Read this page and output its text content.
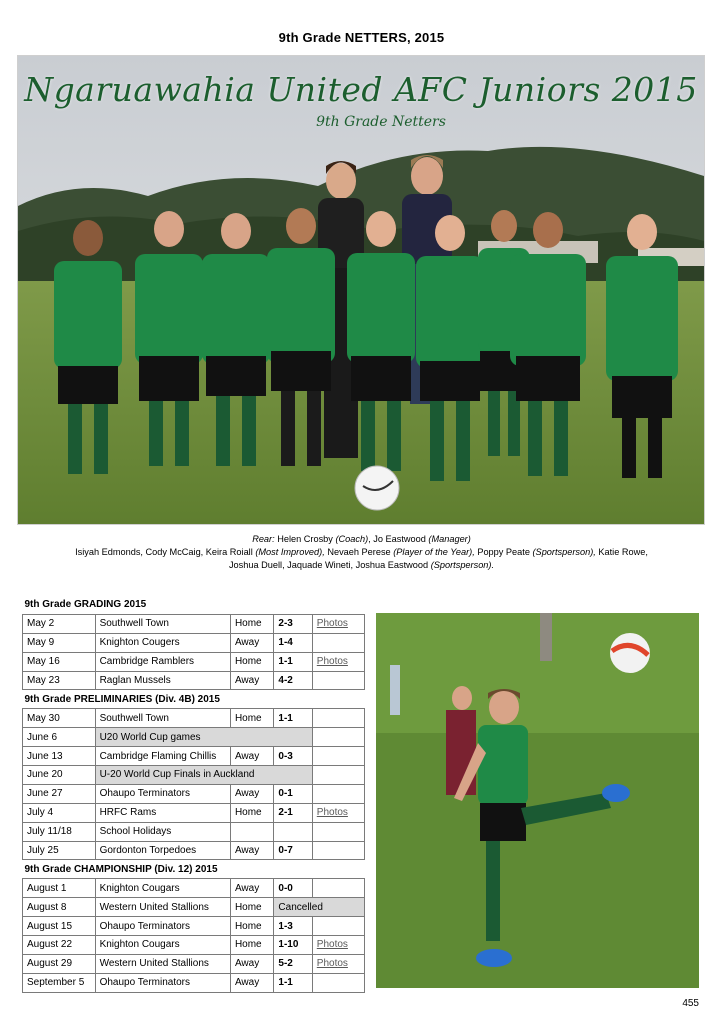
9th Grade NETTERS, 2015
Ngaruawahia United AFC Juniors 2015
9th Grade Netters
Rear: Helen Crosby (Coach), Jo Eastwood (Manager)
Isiyah Edmonds, Cody McCaig, Keira Roiall (Most Improved), Nevaeh Perese (Player of the Year), Poppy Peate (Sportsperson), Katie Rowe,
Joshua Duell, Jaquade Wineti, Joshua Eastwood (Sportsperson).
9th Grade GRADING 2015				
May 2	Southwell Town	Home	2-3	Photos
May 9	Knighton Cougers	Away	1-4	
May 16	Cambridge Ramblers	Home	1-1	Photos
May 23	Raglan Mussels	Away	4-2	
9th Grade PRELIMINARIES (Div. 4B) 2015				
May 30	Southwell Town	Home	1-1	
June 6	U20 World Cup games			
June 13	Cambridge Flaming Chillis	Away	0-3	
June 20	U-20 World Cup Finals in Auckland			
June 27	Ohaupo Terminators	Away	0-1	
July 4	HRFC Rams	Home	2-1	Photos
July 11/18	School Holidays			
July 25	Gordonton Torpedoes	Away	0-7	
9th Grade CHAMPIONSHIP (Div. 12) 2015				
August 1	Knighton Cougars	Away	0-0	
August 8	Western United Stallions	Home	Cancelled	
August 15	Ohaupo Terminators	Home	1-3	
August 22	Knighton Cougars	Home	1-10	Photos
August 29	Western United Stallions	Away	5-2	Photos
September 5	Ohaupo Terminators	Away	1-1	
455
